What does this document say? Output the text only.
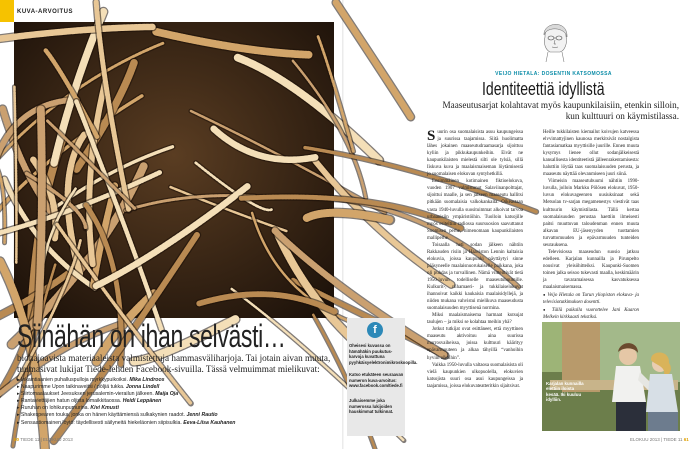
KUVA-ARVOITUS
Siinähän on ihan selvästi…
biohajoavista materiaaleista valmistettuja hammasväliharjoja. Tai jotain aivan muuta, tuumasivat lukijat Tiede-lehden Facebook-sivuilla. Tässä velmuimmat mielikuvat:
▸ Inkaintiaanien puhalluspulloja myrkkypuikoiksi. Mika Lindroos
▸ Naapurimme Upon taikinaveitsi / pöljiä tukka. Jonna Lindell
▸ Siirtomaalaukset Jeesuksen jerusalemin-vierailun jälkeen. Maija Oja
▸ Rantaviettäjien hatun oljista lomaikkitaossa. Heidi Leppänen
▸ Ruruhan on lohikunpumurina. Kivi Kmusti
▸ Shakespearen touka, jonka on hänen käyttämiensä sulkakynien raadot. Jenni Rautio
▸ Sensaatiomainen löytö: täydellisesti säilyneitä hiekeläonien siipisulkia. Eeva-Liisa Kauhanen
f

Oheisesi kuvassa on hämähäkin puukutus-karvoja kuvattuna pyyhkäisyelektronimikroskoopilla.

Katso etukäteen seuraavan numeron kuva-arvoitus: www.facebook.com/tiede.fi

Julkaisemme joka numerossa lukijoiden hauskimmat tulkinnat.

60 TIEDE 11 | ELOKUU 2013
VEIJO HIETALA: DOSENTIN KATSOMOSSA
Identiteettiä idyllistä
Maaseutusarjat kolahtavat myös kaupunkilaisiin, etenkin silloin, kun kulttuuri on käymistilassa.

Suurin osa suomalaisista asuu kaupungeissa ja suurissa taajamissa. Siitä huolimatta lähes jokainen maaseutudraamasarja sijoittuu kyliin ja pikkukaupunkeihin. Eivät ne kaupunkilaisten mielestä silti ole tylsiä, sillä Iiskuva kuva ja maalaismaiseman löytämisestä jo suomalaisen elokuvan syntyhetkillä.

Ensimmäinen kotimainen fiktioelokuva, vuoden 1907 valmistunut Salaviinanpolttajat, sijoittui maalle, ja sen jälkeen maaseutu hallitsi pitkään suomalaisia valkokankaita. Oikeastaan vasta 1940-luvulla suosituimmat alkoivat tarvoa urbaanisiin ympäristöihin. Tuolloin katsojille myös esiteltiin radiossa suursuosion saavuttanut Suomisen perhe, nimenomaan kaupunkilaisten malliperhe.

Toisaalla heti sodan jälkeen nähtiin Rakkauden risiin ja Haaviston Lennin kaltaisia elokuvia, joissa kaupunki näyttäytyi sinne pääsyneelle maalaisnuorukaiselle paikkana, joka oli puhdas ja turvallinen. Nämä viitteittivät tietä 1950-luvun todelliselle maaseutubuumille. Kulkurit-, riihamaeri- ja tukkilaiselokuvat ihannoivat kaikki kaukaisia maalaisidyllejä, ja niiden mukana vahvistui mielikuva maaseudusta suomalaisuuden myyttisenä normina.

Miksi maalaismaisema harmaat kutsujat taulujen – ja miksi se kolahtaa meihin yhä?

Jotkut tutkijat ovat esittäneet, että myyttinen maaseutu aktivoituu aina suurissa murrosvaiheissa, joissa kulttuuri käärityy epävarmuuteen ja alkaa tähyillä “vanhoihin hyviin aikoihin”.

Vaikka 1950-luvulla valtaosa suomalaisista oli vielä kaupunkien ulkopuolella, elokuvien katsojista suuri osa asui kaupungeissa ja taajamissa, joissa elokuvateatteritkin sijaitsivat.

Heille tukkilaisten kiemailut koivujen katveessa elvvimattyjinen kaunosa merkitsivät nostalgista fantasiamatkaa myyttisille juurille. Ennen muuta kysymys lienee ollut sodanjälkeisestä kansallisesta identiteetistä jälleenrakentamisesta: haluttiin löytää taas suomalaisuuden perusta, ja maaseutu näyttää olevanmiseen juuri siinä.

Viimeisin maaseutubuumi nähtiin 1990-luvulla, jolloin Markku Pölösen elokuvat, 1950-luvun elokuvageenren uusiuksinaat sekä Metsolan tv-sarjan megamenestys viestivät taas kulttuurin käymistilasta. Tällä kertaa suomalaisuuden perustaa haettiin ilmeisesti paitsi muuttuvan taloudenman ennen muuta alkavan EU-jäsenyyden tuottamien turvattomuuden ja epävarmuuden tunteiden seurauksena.

Televisiossa maaseudun suosio jatkuu edelleen. Karjalan kunnailla ja Pirunpelto nousivat yleisöhitteiksi. Kaupunki-Suomen toinen jalka seisoo tukevasti maalla, keskimäärin ja tavaramaisessa kasvatuksessa maalaismaisemassa.

● Veijo Hietala on Turun yliopiston elokuva- ja televisiotutkimuksen dosentti.
● Tällä paikalla vuorottelee Jani Kaaron Melkein kirkkaasti tekstiksi.

Karjalan kunnailla elettiin iloista kesää. Iki kuuluu idylliin.

ELOKUU 2013 | TIEDE 11 61
